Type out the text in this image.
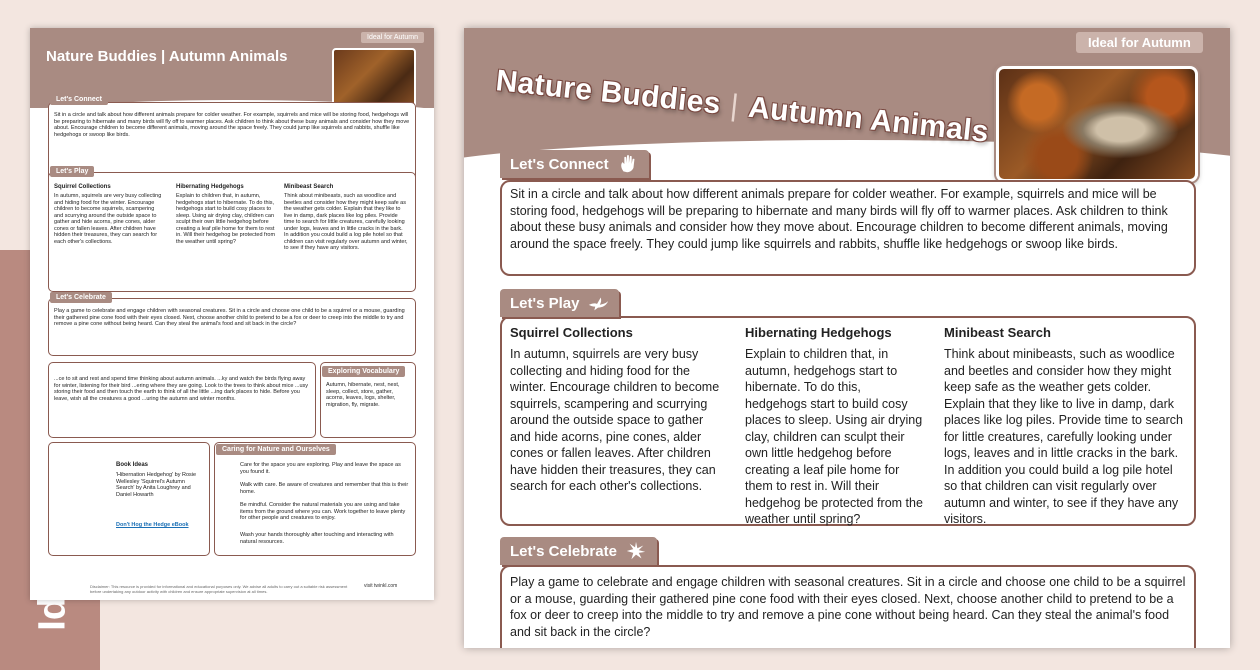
Ideal for Autumn
Nature Buddies | Autumn Animals
Let's Connect
Sit in a circle and talk about how different animals prepare for colder weather. For example, squirrels and mice will be storing food, hedgehogs will be preparing to hibernate and many birds will fly off to warmer places. Ask children to think about these busy animals and consider how they move about. Encourage children to become different animals, moving around the space freely. They could jump like squirrels and rabbits, shuffle like hedgehogs or swoop like birds.
Let's Play
Squirrel Collections
In autumn, squirrels are very busy collecting and hiding food for the winter. Encourage children to become squirrels, scampering and scurrying around the outside space to gather and hide acorns, pine cones, alder cones or fallen leaves. After children have hidden their treasures, they can search for each other's collections.
Hibernating Hedgehogs
Explain to children that, in autumn, hedgehogs start to hibernate. To do this, hedgehogs start to build cosy places to sleep. Using air drying clay, children can sculpt their own little hedgehog before creating a leaf pile home for them to rest in. Will their hedgehog be protected from the weather until spring?
Minibeast Search
Think about minibeasts, such as woodlice and beetles and consider how they might keep safe as the weather gets colder. Explain that they like to live in damp, dark places like log piles. Provide time to search for little creatures, carefully looking under logs, leaves and in little cracks in the bark. In addition you could build a log pile hotel so that children can visit regularly over autumn and winter, to see if they have any visitors.
Let's Celebrate
Play a game to celebrate and engage children with seasonal creatures. Sit in a circle and choose one child to be a squirrel or a mouse, guarding their gathered pine cone food with their eyes closed. Next, choose another child to pretend to be a fox or deer to creep into the middle to try and remove a pine cone without being heard. Can they steal the animal's food and sit back in the circle?
...ce to sit and rest and spend time thinking about autumn animals. ...ky and watch the birds flying away for winter, listening for their bird ...ering where they are going. Look to the trees to think about mice ...usy storing their food and then touch the earth to think of all the little ...ing dark places to hide. Before you leave, wish all the creatures a good ...uring the autumn and winter months.
Exploring Vocabulary
Autumn, hibernate, nest, nest, sleep, collect, store, gather, acorns, leaves, logs, shelter, migration, fly, migrate.
Book Ideas
'Hibernation Hedgehog' by Rosie Wellesley 'Squirrel's Autumn Search' by Anita Loughrey and Daniel Howarth
Don't Hog the Hedge eBook
Caring for Nature and Ourselves
Care for the space you are exploring. Play and leave the space as you found it.
Walk with care. Be aware of creatures and remember that this is their home.
Be mindful. Consider the natural materials you are using and take items from the ground where you can. Work together to leave plenty for other people and creatures to enjoy.
Wash your hands thoroughly after touching and interacting with natural resources.
Disclaimer: This resource is provided for informational and educational purposes only. We advise all adults to carry out a suitable risk assessment before undertaking any outdoor activity with children and ensure appropriate supervision at all times.
visit twinkl.com
Ideal for Autumn
Nature Buddies | Autumn Animals
Let's Connect
Sit in a circle and talk about how different animals prepare for colder weather. For example, squirrels and mice will be storing food, hedgehogs will be preparing to hibernate and many birds will fly off to warmer places. Ask children to think about these busy animals and consider how they move about. Encourage children to become different animals, moving around the space freely. They could jump like squirrels and rabbits, shuffle like hedgehogs or swoop like birds.
Let's Play
Squirrel Collections
In autumn, squirrels are very busy collecting and hiding food for the winter. Encourage children to become squirrels, scampering and scurrying around the outside space to gather and hide acorns, pine cones, alder cones or fallen leaves. After children have hidden their treasures, they can search for each other's collections.
Hibernating Hedgehogs
Explain to children that, in autumn, hedgehogs start to hibernate. To do this, hedgehogs start to build cosy places to sleep. Using air drying clay, children can sculpt their own little hedgehog before creating a leaf pile home for them to rest in. Will their hedgehog be protected from the weather until spring?
Minibeast Search
Think about minibeasts, such as woodlice and beetles and consider how they might keep safe as the weather gets colder. Explain that they like to live in damp, dark places like log piles. Provide time to search for little creatures, carefully looking under logs, leaves and in little cracks in the bark. In addition you could build a log pile hotel so that children can visit regularly over autumn and winter, to see if they have any visitors.
Let's Celebrate
Play a game to celebrate and engage children with seasonal creatures. Sit in a circle and choose one child to be a squirrel or a mouse, guarding their gathered pine cone food with their eyes closed. Next, choose another child to pretend to be a fox or deer to creep into the middle to try and remove a pine cone without being heard. Can they steal the animal's food and sit back in the circle?
